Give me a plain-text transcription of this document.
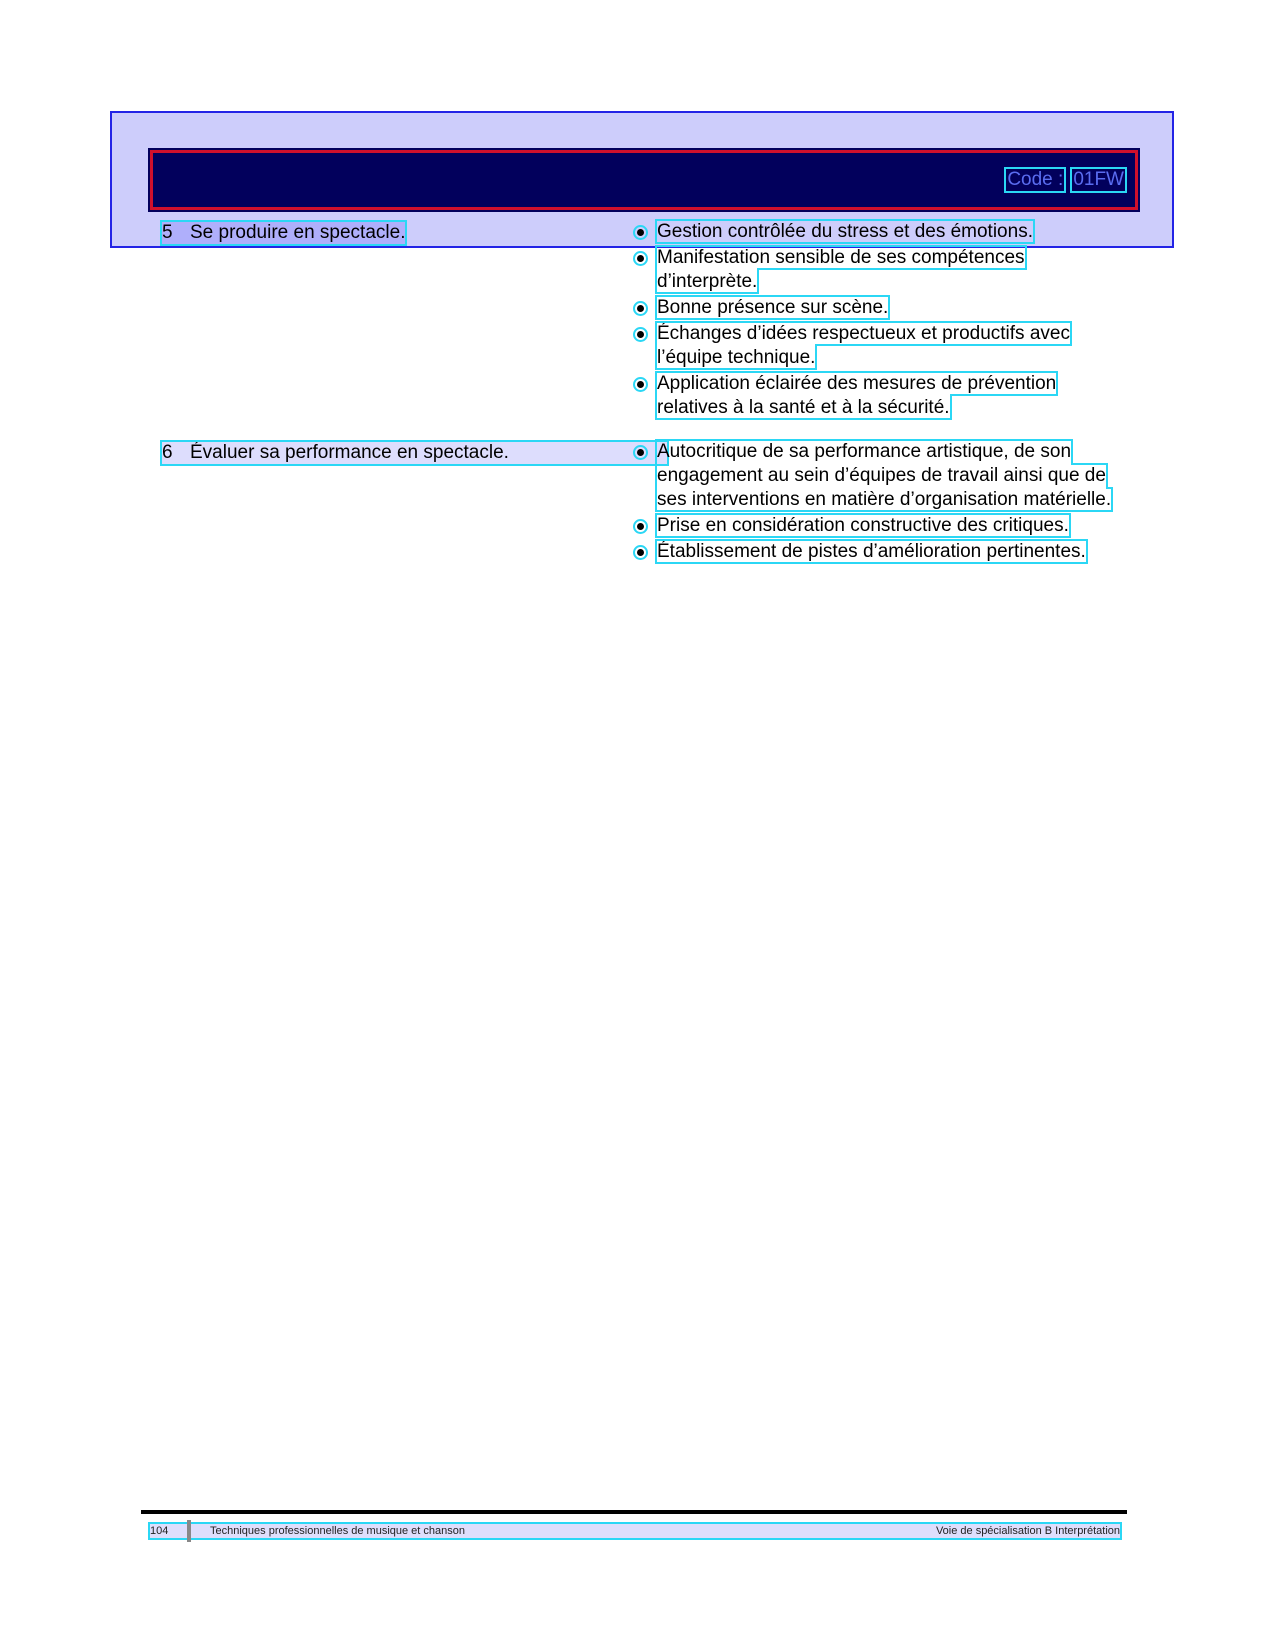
Code : 01FW
5 Se produire en spectacle.	Gestion contrôlée du stress et des émotions.
Manifestation sensible de ses compétences d’interprète.
Bonne présence sur scène.
Échanges d’idées respectueux et productifs avec l’équipe technique.
Application éclairée des mesures de prévention relatives à la santé et à la sécurité.
6 Évaluer sa performance en spectacle.	Autocritique de sa performance artistique, de son engagement au sein d’équipes de travail ainsi que de ses interventions en matière d’organisation matérielle.
Prise en considération constructive des critiques.
Établissement de pistes d’amélioration pertinentes.
104	Techniques professionnelles de musique et chanson	Voie de spécialisation B Interprétation
